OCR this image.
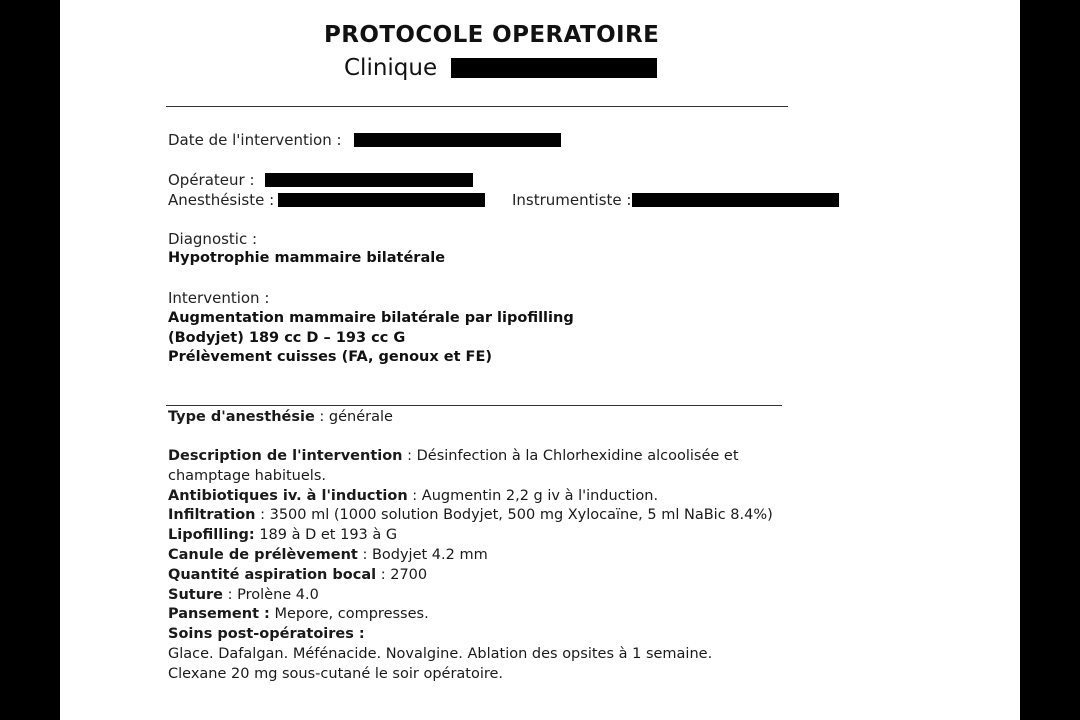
PROTOCOLE OPERATOIRE
Clinique
Date de l'intervention :
Opérateur :
Anesthésiste :	Instrumentiste :
Diagnostic :
Hypotrophie mammaire bilatérale
Intervention :
Augmentation mammaire bilatérale par lipofilling
(Bodyjet) 189 cc D – 193 cc G
Prélèvement cuisses (FA, genoux et FE)
Type d'anesthésie : générale
Description de l'intervention : Désinfection à la Chlorhexidine alcoolisée et
champtage habituels.
Antibiotiques iv. à l'induction : Augmentin 2,2 g iv à l'induction.
Infiltration : 3500 ml (1000 solution Bodyjet, 500 mg Xylocaïne, 5 ml NaBic 8.4%)
Lipofilling: 189 à D et 193 à G
Canule de prélèvement : Bodyjet 4.2 mm
Quantité aspiration bocal : 2700
Suture : Prolène 4.0
Pansement : Mepore, compresses.
Soins post-opératoires :
Glace. Dafalgan. Méfénacide. Novalgine. Ablation des opsites à 1 semaine.
Clexane 20 mg sous-cutané le soir opératoire.
